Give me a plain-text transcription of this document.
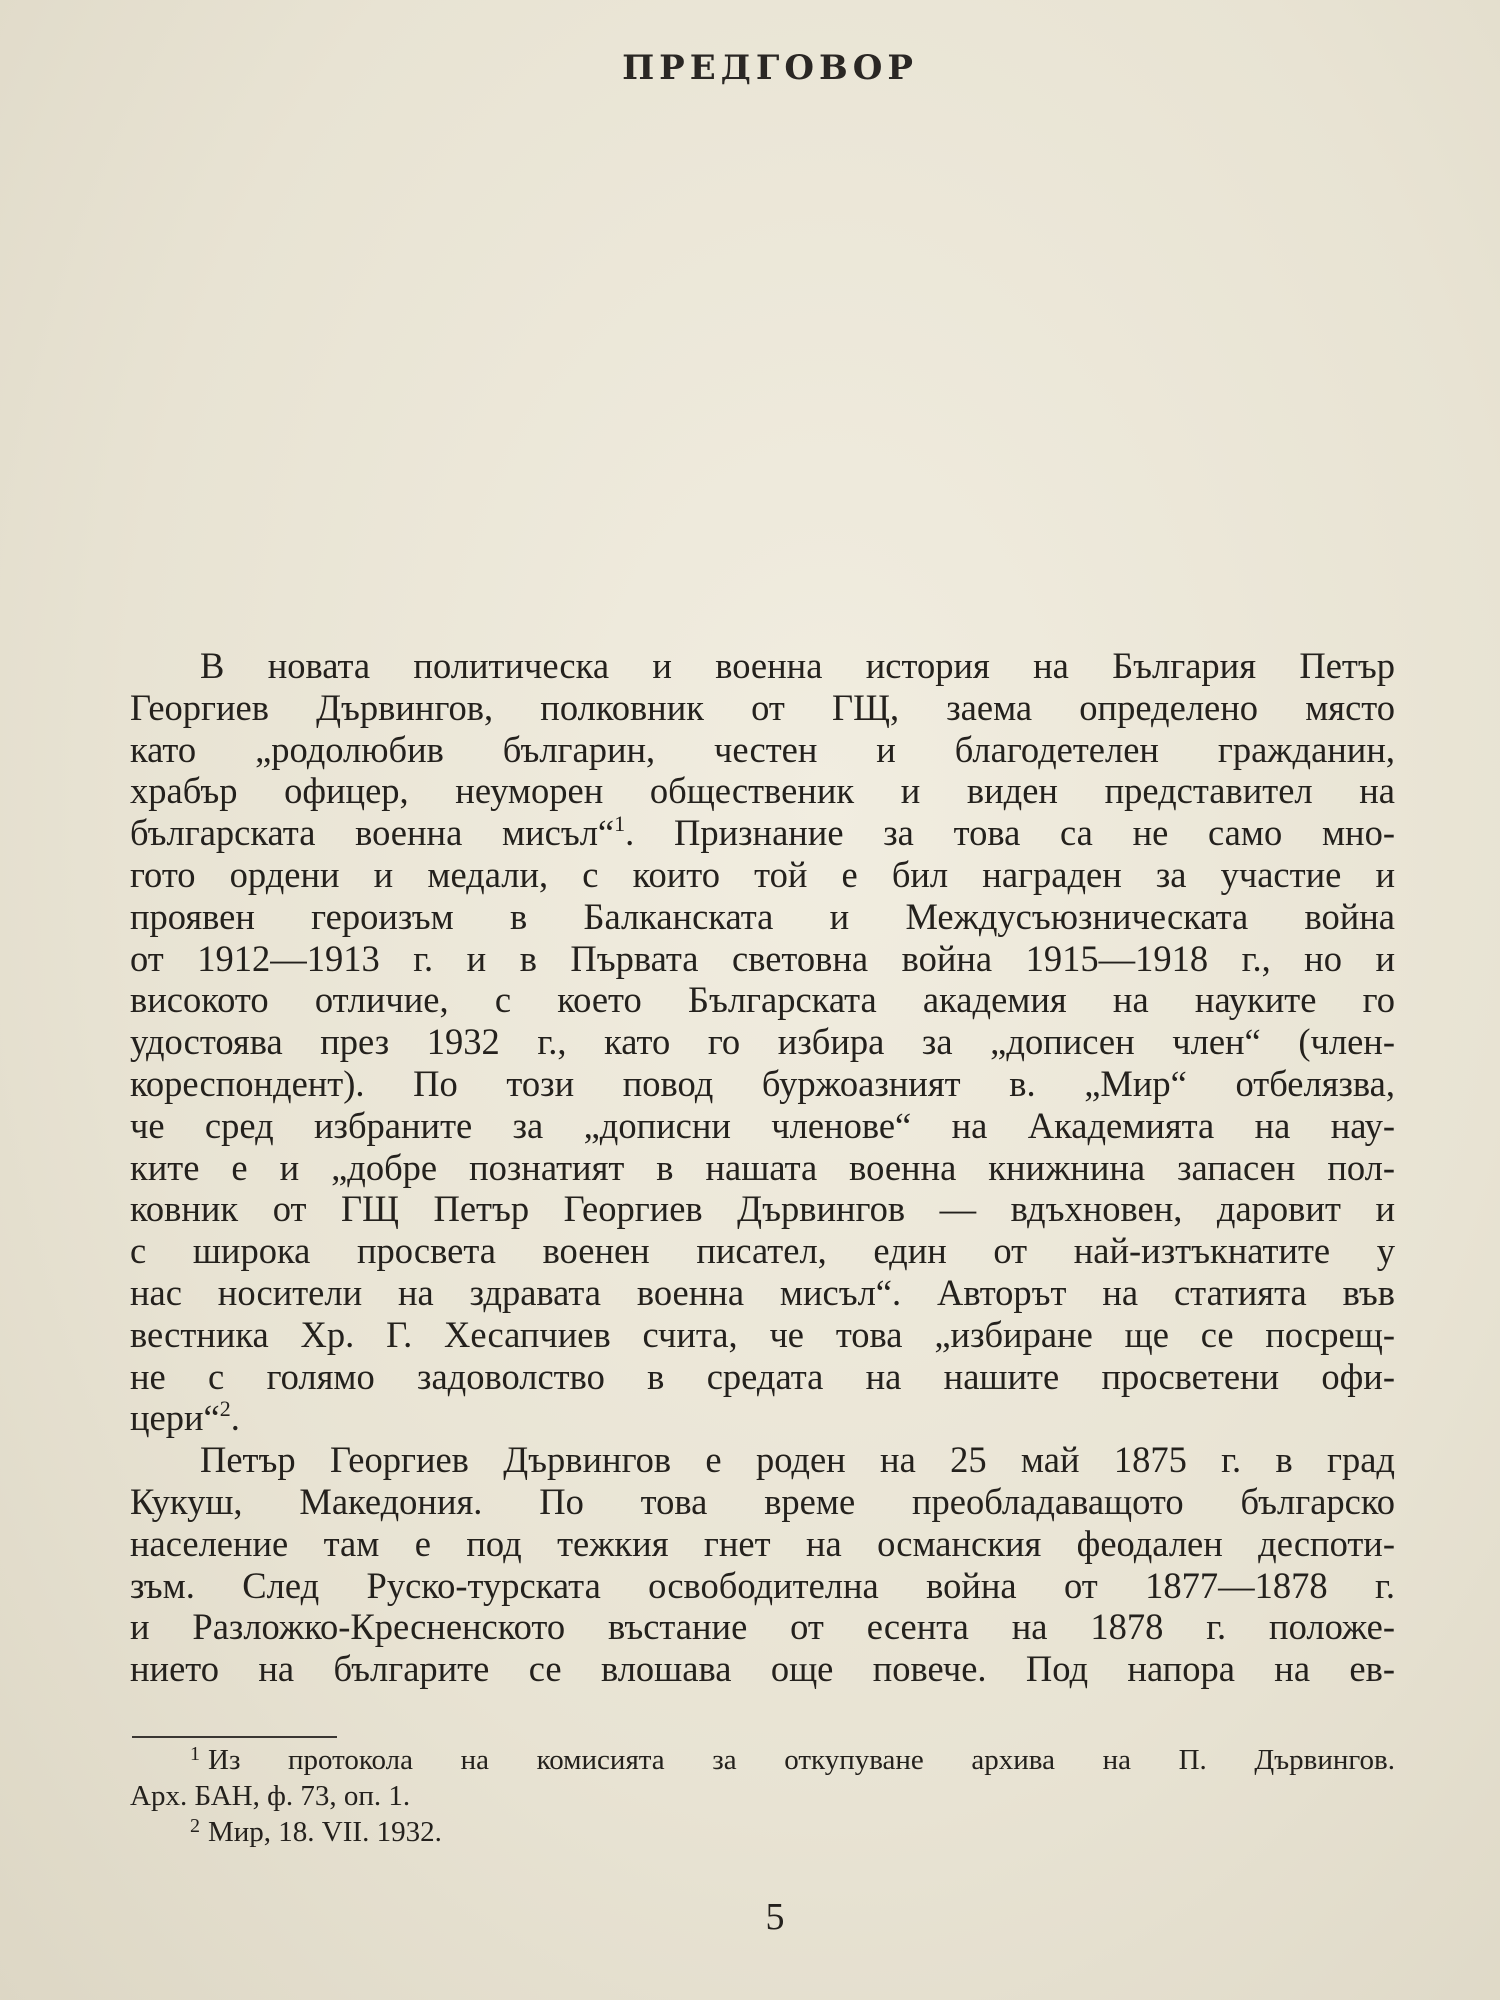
ПРЕДГОВОР
В новата политическа и военна история на България Петър
Георгиев Дървингов, полковник от ГЩ, заема определено място
като „родолюбив българин, честен и благодетелен гражданин,
храбър офицер, неуморен общественик и виден представител на
българската военна мисъл“$^1$. Признание за това са не само мно-
гото ордени и медали, с които той е бил награден за участие и
проявен героизъм в Балканската и Междусъюзническата война
от 1912—1913 г. и в Първата световна война 1915—1918 г., но и
високото отличие, с което Българската академия на науките го
удостоява през 1932 г., като го избира за „дописен член“ (член-
кореспондент). По този повод буржоазният в. „Мир“ отбелязва,
че сред избраните за „дописни членове“ на Академията на нау-
ките е и „добре познатият в нашата военна книжнина запасен пол-
ковник от ГЩ Петър Георгиев Дървингов — вдъхновен, даровит и
с широка просвета военен писател, един от най-изтъкнатите у
нас носители на здравата военна мисъл“. Авторът на статията във
вестника Хр. Г. Хесапчиев счита, че това „избиране ще се посрещ-
не с голямо задоволство в средата на нашите просветени офи-
цери“$^2$.
Петър Георгиев Дървингов е роден на 25 май 1875 г. в град
Кукуш, Македония. По това време преобладаващото българско
население там е под тежкия гнет на османския феодален деспоти-
зъм. След Руско-турската освободителна война от 1877—1878 г.
и Разложко-Кресненското въстание от есента на 1878 г. положе-
нието на българите се влошава още повече. Под напора на ев-
$^1$ Из протокола на комисията за откупуване архива на П. Дървингов.
Арх. БАН, ф. 73, оп. 1.
$^2$ Мир, 18. VII. 1932.
5
